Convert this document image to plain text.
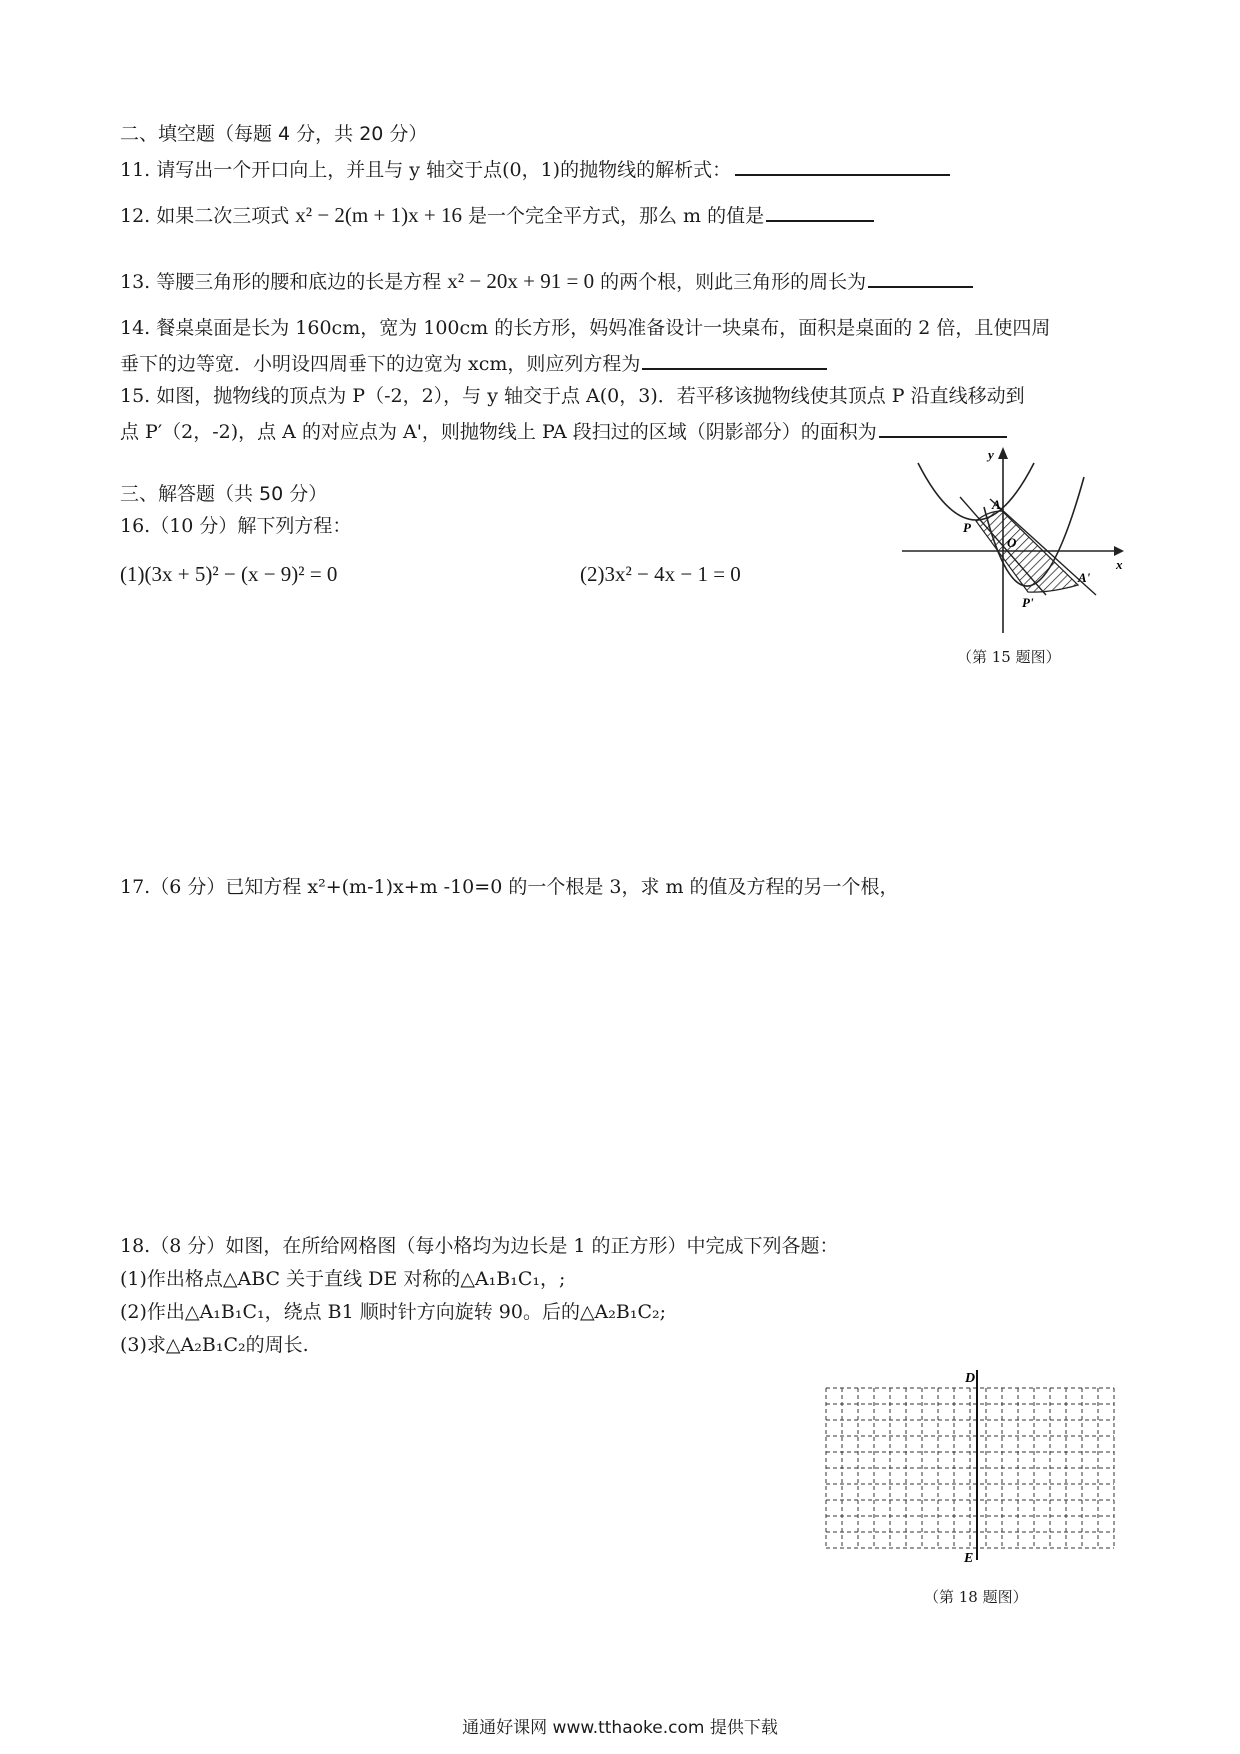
二、填空题（每题 4 分，共 20 分）
11. 请写出一个开口向上，并且与 y 轴交于点(0，1)的抛物线的解析式：
12. 如果二次三项式 x² − 2(m + 1)x + 16 是一个完全平方式，那么 m 的值是
13. 等腰三角形的腰和底边的长是方程 x² − 20x + 91 = 0 的两个根，则此三角形的周长为
14. 餐桌桌面是长为 160cm，宽为 100cm 的长方形，妈妈准备设计一块桌布，面积是桌面的 2 倍，且使四周
垂下的边等宽．小明设四周垂下的边宽为 xcm，则应列方程为
15. 如图，抛物线的顶点为 P（-2，2），与 y 轴交于点 A(0，3)．若平移该抛物线使其顶点 P 沿直线移动到
点 P′（2，-2)，点 A 的对应点为 A'，则抛物线上 PA 段扫过的区域（阴影部分）的面积为
三、解答题（共 50 分）
16.（10 分）解下列方程：
(1)(3x + 5)² − (x − 9)² = 0	(2)3x² − 4x − 1 = 0
17.（6 分）已知方程 x²+(m-1)x+m -10=0 的一个根是 3，求 m 的值及方程的另一个根，
18.（8 分）如图，在所给网格图（每小格均为边长是 1 的正方形）中完成下列各题：
(1)作出格点△ABC 关于直线 DE 对称的△A₁B₁C₁，;
(2)作出△A₁B₁C₁，绕点 B1 顺时针方向旋转 90。后的△A₂B₁C₂;
(3)求△A₂B₁C₂的周长.
y
x
A
P
O
A'
P'
（第 15 题图）
D
E
（第 18 题图）
通通好课网 www.tthaoke.com 提供下载
